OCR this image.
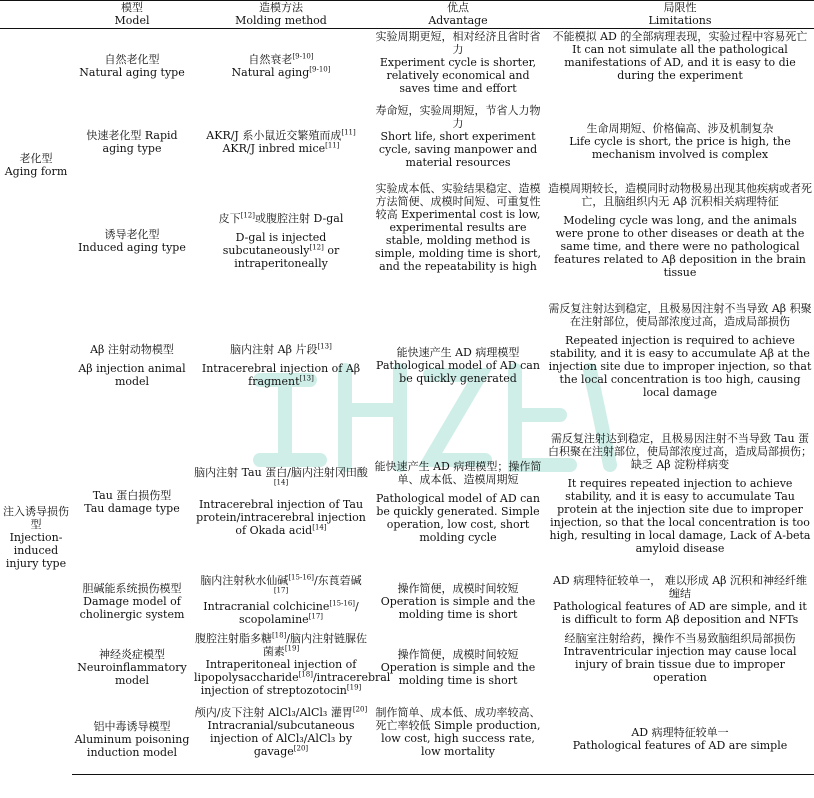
	模型
Model	造模方法
Molding method	优点
Advantage	局限性
Limitations

老化型
Aging form	自然老化型
Natural aging type	自然衰老[9-10]
Natural aging[9-10]	实验周期更短，相对经济且省时省力
Experiment cycle is shorter, relatively economical and saves time and effort	不能模拟 AD 的全部病理表现，实验过程中容易死亡
It can not simulate all the pathological manifestations of AD, and it is easy to die during the experiment

	快速老化型 Rapid aging type	AKR/J 系小鼠近交繁殖而成[11]
AKR/J inbred mice[11]	寿命短，实验周期短，节省人力物力
Short life, short experiment cycle, saving manpower and material resources	生命周期短、价格偏高、涉及机制复杂
Life cycle is short, the price is high, the mechanism involved is complex

	诱导老化型
Induced aging type	皮下[12]或腹腔注射 D-gal
D-gal is injected subcutaneously[12] or intraperitoneally	实验成本低、实验结果稳定、造模方法简便、成模时间短、可重复性较高 Experimental cost is low, experimental results are stable, molding method is simple, molding time is short, and the repeatability is high	造模周期较长，造模同时动物极易出现其他疾病或者死亡，且脑组织内无 Aβ 沉积相关病理特征
Modeling cycle was long, and the animals were prone to other diseases or death at the same time, and there were no pathological features related to Aβ deposition in the brain tissue

注入诱导损伤型
Injection-induced injury type	Aβ 注射动物模型
Aβ injection animal model	脑内注射 Aβ 片段[13]
Intracerebral injection of Aβ fragment[13]	能快速产生 AD 病理模型
Pathological model of AD can be quickly generated	需反复注射达到稳定，且极易因注射不当导致 Aβ 积聚在注射部位，使局部浓度过高，造成局部损伤
Repeated injection is required to achieve stability, and it is easy to accumulate Aβ at the injection site due to improper injection, so that the local concentration is too high, causing local damage

	Tau 蛋白损伤型
Tau damage type	脑内注射 Tau 蛋白/脑内注射冈田酸[14]
Intracerebral injection of Tau protein/intracerebral injection of Okada acid[14]	能快速产生 AD 病理模型；操作简单、成本低、造模周期短
Pathological model of AD can be quickly generated. Simple operation, low cost, short molding cycle	需反复注射达到稳定，且极易因注射不当导致 Tau 蛋白积聚在注射部位，使局部浓度过高，造成局部损伤；缺乏 Aβ 淀粉样病变
It requires repeated injection to achieve stability, and it is easy to accumulate Tau protein at the injection site due to improper injection, so that the local concentration is too high, resulting in local damage, Lack of A-beta amyloid disease

	胆碱能系统损伤模型 Damage model of cholinergic system	脑内注射秋水仙碱[15-16]/东莨菪碱[17]
Intracranial colchicine[15-16]/ scopolamine[17]	操作简便，成模时间较短
Operation is simple and the molding time is short	AD 病理特征较单一， 难以形成 Aβ 沉积和神经纤维缠结
Pathological features of AD are simple, and it is difficult to form Aβ deposition and NFTs

	神经炎症模型
Neuroinflammatory model	腹腔注射脂多糖[18]/脑内注射链脲佐菌素[19]
Intraperitoneal injection of lipopolysaccharide[18]/intracerebral injection of streptozotocin[19]	操作简便，成模时间较短
Operation is simple and the molding time is short	经脑室注射给药，操作不当易致脑组织局部损伤
Intraventricular injection may cause local injury of brain tissue due to improper operation

	铝中毒诱导模型
Aluminum poisoning induction model	颅内/皮下注射 AlCl₃/AlCl₃ 灌胃[20]
Intracranial/subcutaneous injection of AlCl₃/AlCl₃ by gavage[20]	制作简单、成本低、成功率较高、死亡率较低 Simple production, low cost, high success rate, low mortality	AD 病理特征较单一
Pathological features of AD are simple
